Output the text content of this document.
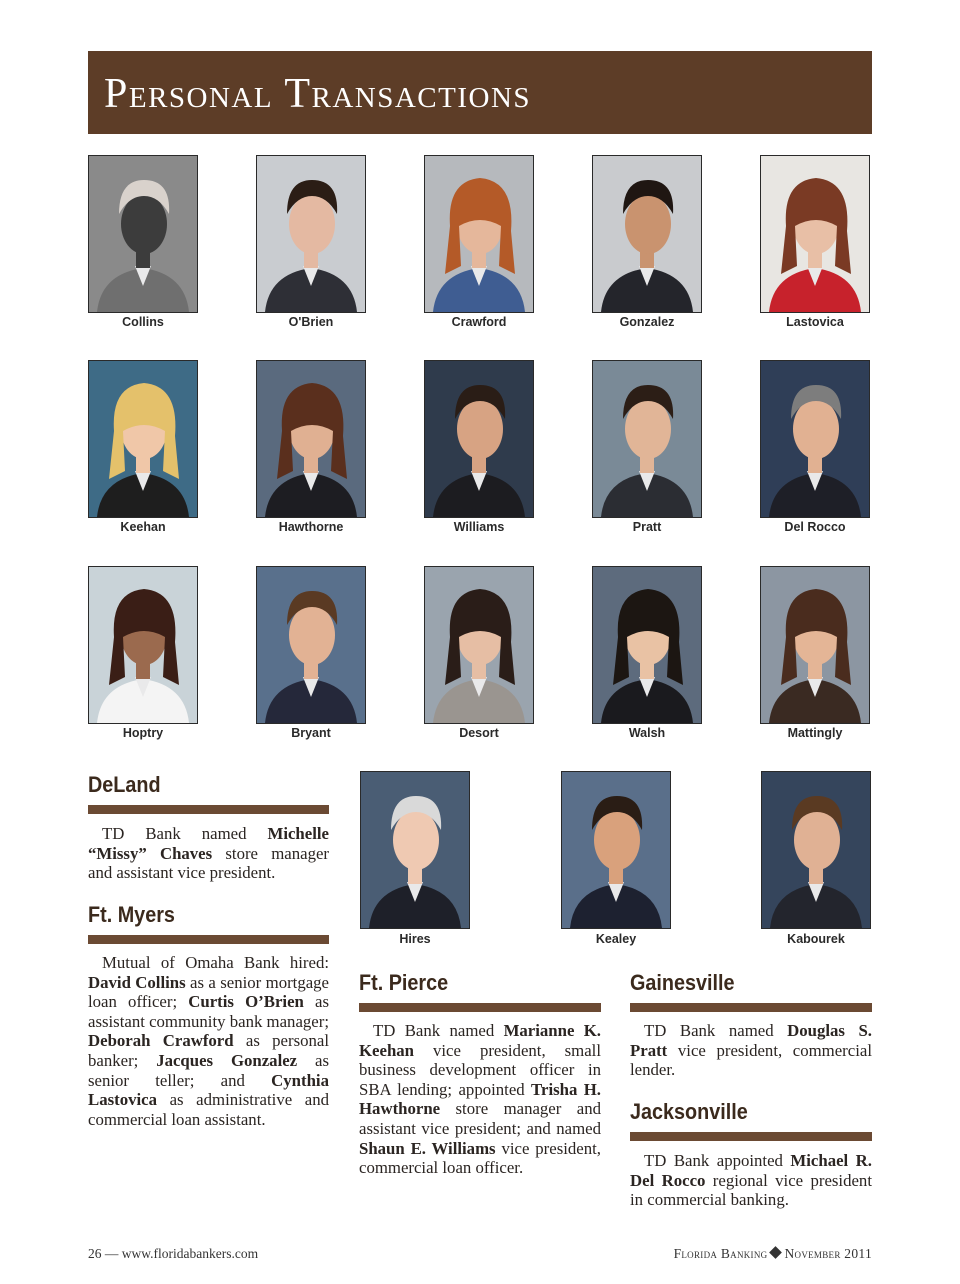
Personal Transactions
Collins	O'Brien	Crawford	Gonzalez	Lastovica
Keehan	Hawthorne	Williams	Pratt	Del Rocco
Hoptry	Bryant	Desort	Walsh	Mattingly
Hires	Kealey	Kabourek
DeLand

TD Bank named Michelle “Missy” Chaves store manager and assistant vice president.

Ft. Myers

Mutual of Omaha Bank hired: David Collins as a senior mortgage loan officer; Curtis O’Brien as assistant community bank manager; Deborah Crawford as personal banker; Jacques Gonzalez as senior teller; and Cynthia Lastovica as administrative and commercial loan assistant.

Ft. Pierce

TD Bank named Marianne K. Keehan vice president, small business development officer in SBA lending; appointed Trisha H. Hawthorne store manager and assistant vice president; and named Shaun E. Williams vice president, commercial loan officer.

Gainesville

TD Bank named Douglas S. Pratt vice president, commercial lender.

Jacksonville

TD Bank appointed Michael R. Del Rocco regional vice president in commercial banking.

26 — www.floridabankers.com	Florida Banking November 2011
